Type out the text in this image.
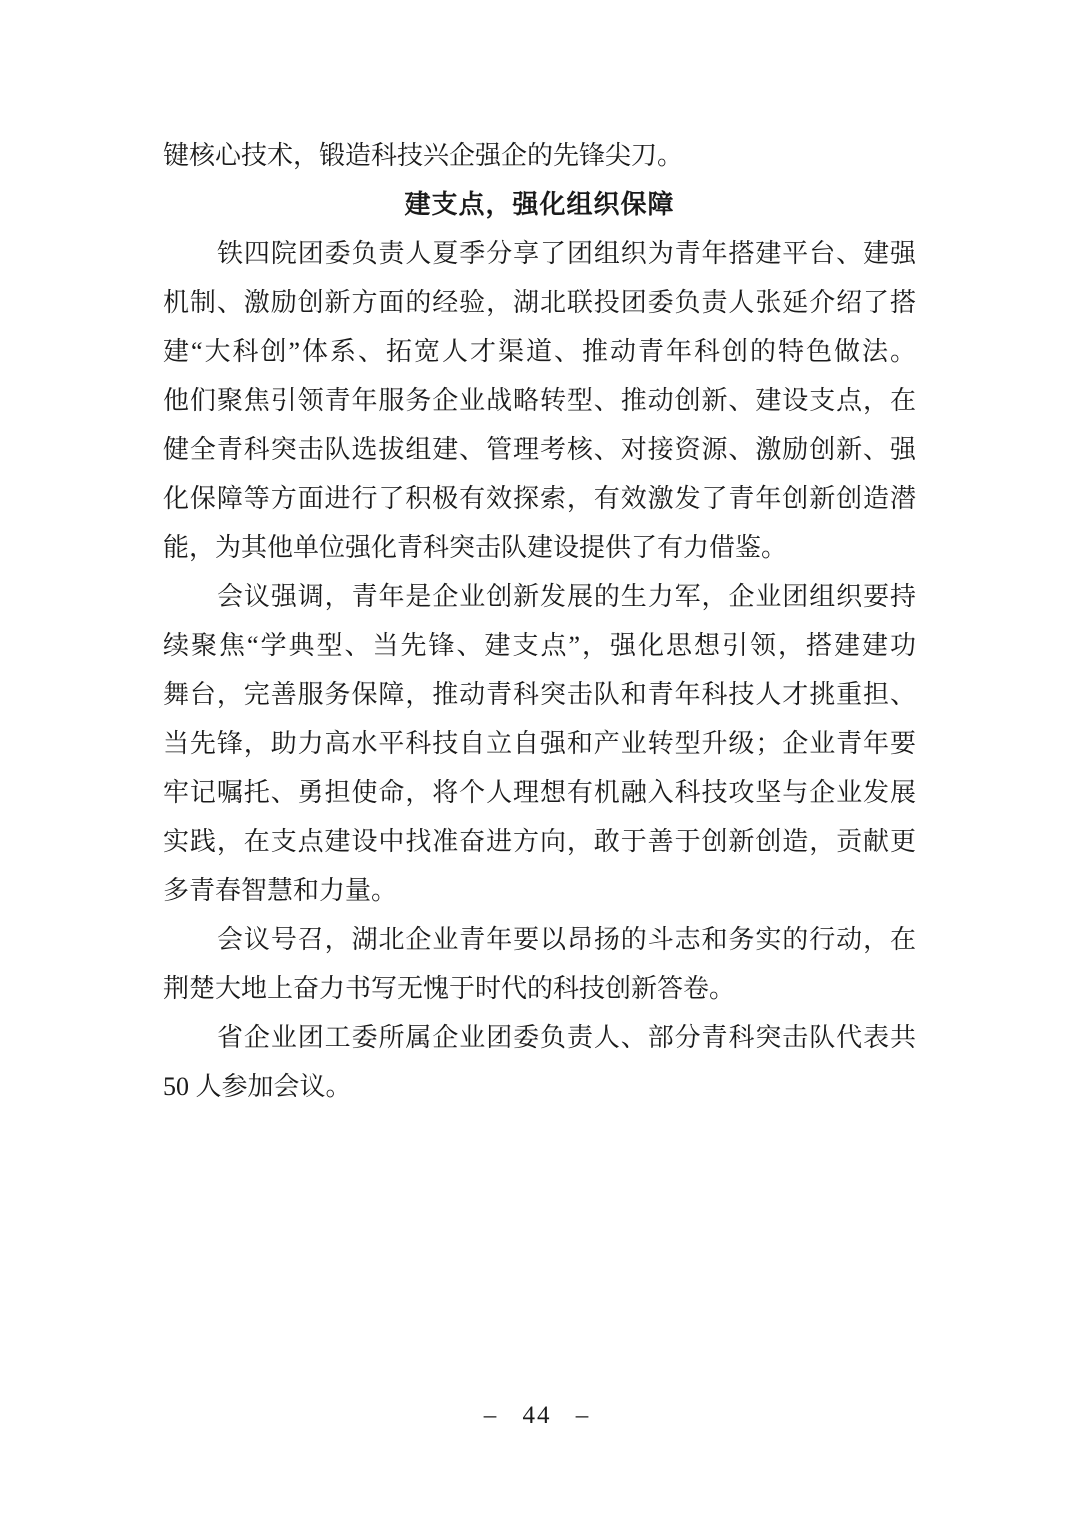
键核心技术，锻造科技兴企强企的先锋尖刀。
建支点，强化组织保障
铁四院团委负责人夏季分享了团组织为青年搭建平台、建强
机制、激励创新方面的经验，湖北联投团委负责人张延介绍了搭
建“大科创”体系、拓宽人才渠道、推动青年科创的特色做法。
他们聚焦引领青年服务企业战略转型、推动创新、建设支点，在
健全青科突击队选拔组建、管理考核、对接资源、激励创新、强
化保障等方面进行了积极有效探索，有效激发了青年创新创造潜
能，为其他单位强化青科突击队建设提供了有力借鉴。
会议强调，青年是企业创新发展的生力军，企业团组织要持
续聚焦“学典型、当先锋、建支点”，强化思想引领，搭建建功
舞台，完善服务保障，推动青科突击队和青年科技人才挑重担、
当先锋，助力高水平科技自立自强和产业转型升级；企业青年要
牢记嘱托、勇担使命，将个人理想有机融入科技攻坚与企业发展
实践，在支点建设中找准奋进方向，敢于善于创新创造，贡献更
多青春智慧和力量。
会议号召，湖北企业青年要以昂扬的斗志和务实的行动，在
荆楚大地上奋力书写无愧于时代的科技创新答卷。
省企业团工委所属企业团委负责人、部分青科突击队代表共
50 人参加会议。
– 44 –
